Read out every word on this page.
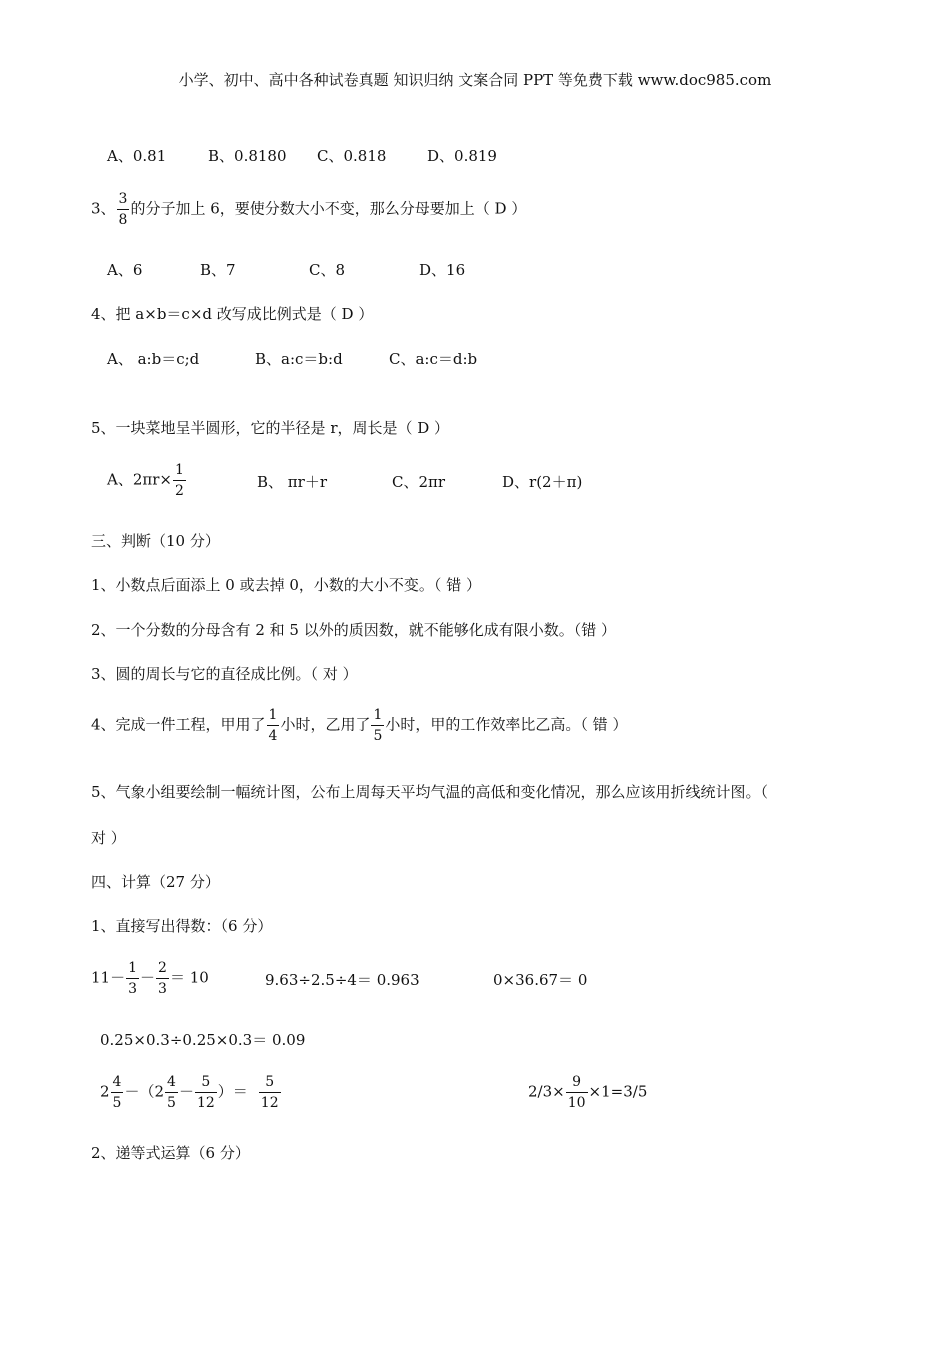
小学、初中、高中各种试卷真题 知识归纳 文案合同 PPT 等免费下载 www.doc985.com
A、0.81	B、0.8180 C、0.818	D、0.819
3、 $\frac{3}{8}$ 的分子加上 6，要使分数大小不变，那么分母要加上（ D ）
A、6	B、7	C、8	D、16
4、把 a×b＝c×d 改写成比例式是（ D ）
A、 a:b＝c;d	B、a:c＝b:d	C、a:c＝d:b
5、一块菜地呈半圆形，它的半径是 r，周长是（ D ）
A、$2\pi r\times \frac{1}{2}$	B、 πr＋r	C、2πr	D、r(2＋π)
三、判断（10 分）
1、小数点后面添上 0 或去掉 0，小数的大小不变。（ 错 ）
2、一个分数的分母含有 2 和 5 以外的质因数，就不能够化成有限小数。（错 ）
3、圆的周长与它的直径成比例。（ 对 ）
4、完成一件工程，甲用了 $\frac{1}{4}$ 小时，乙用了 $\frac{1}{5}$ 小时，甲的工作效率比乙高。（ 错 ）
5、气象小组要绘制一幅统计图，公布上周每天平均气温的高低和变化情况，那么应该用折线统计图。（
对 ）
四、计算（27 分）
1、直接写出得数：（6 分）
$11- \frac{1}{3} - \frac{2}{3} = 10$	9.63÷2.5÷4＝ 0.963	0×36.67＝ 0
0.25×0.3÷0.25×0.3＝ 0.09
$2 \frac{4}{5} -(2 \frac{4}{5} - \frac{5}{12}$ ）＝ $\frac{5}{12}$	$2/3\times \frac{9}{10} \times 1=3/5$
2、递等式运算（6 分）
